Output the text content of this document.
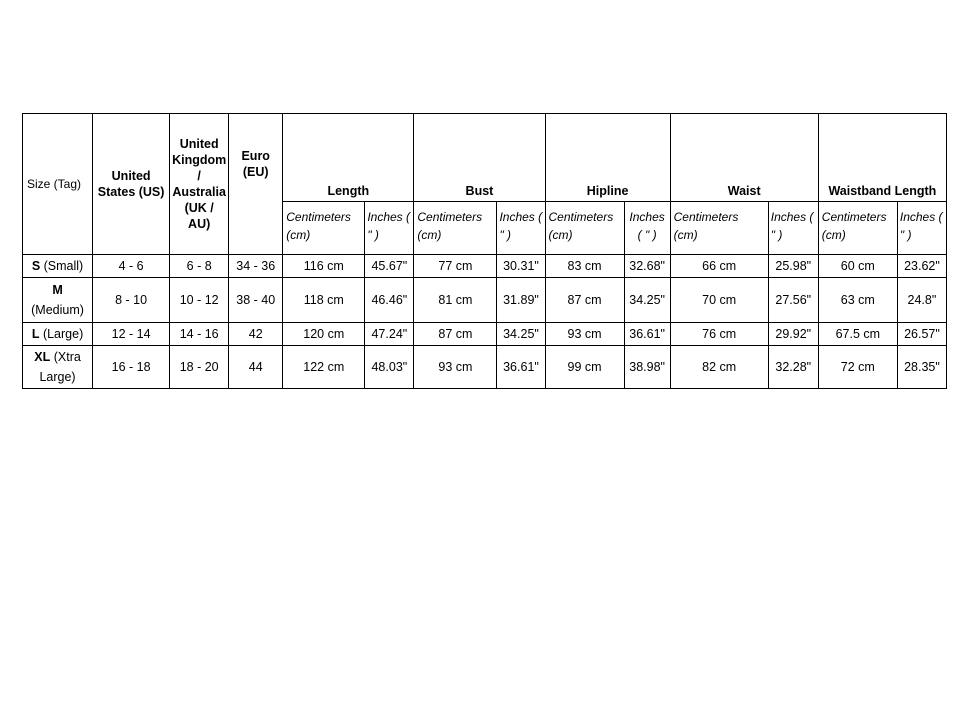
Size (Tag)	United States (US)	United Kingdom / Australia (UK / AU)	Euro (EU)	Length		Bust		Hipline		Waist		Waistband Length	
				Centimeters (cm)	Inches ( " )	Centimeters (cm)	Inches ( " )	Centimeters (cm)	Inches ( " )	Centimeters (cm)	Inches ( " )	Centimeters (cm)	Inches ( " )
S (Small)	4 - 6	6 - 8	34 - 36	116 cm	45.67"	77 cm	30.31"	83 cm	32.68"	66 cm	25.98"	60 cm	23.62"
M
(Medium)	8 - 10	10 - 12	38 - 40	118 cm	46.46"	81 cm	31.89"	87 cm	34.25"	70 cm	27.56"	63 cm	24.8"
L (Large)	12 - 14	14 - 16	42	120 cm	47.24"	87 cm	34.25"	93 cm	36.61"	76 cm	29.92"	67.5 cm	26.57"
XL (Xtra Large)	16 - 18	18 - 20	44	122 cm	48.03"	93 cm	36.61"	99 cm	38.98"	82 cm	32.28"	72 cm	28.35"
